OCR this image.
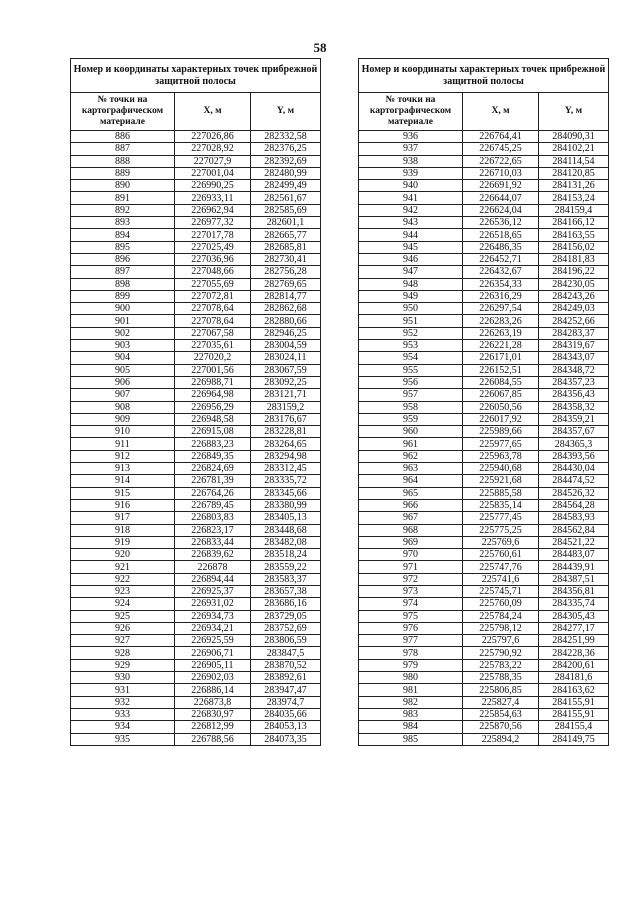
58
Номер и координаты характерных точек прибрежной защитной полосы		
№ точки на картографическом материале	X, м	Y, м
886	227026,86	282332,58
887	227028,92	282376,25
888	227027,9	282392,69
889	227001,04	282480,99
890	226990,25	282499,49
891	226933,11	282561,67
892	226962,94	282585,69
893	226977,32	282601,1
894	227017,78	282665,77
895	227025,49	282685,81
896	227036,96	282730,41
897	227048,66	282756,28
898	227055,69	282769,65
899	227072,81	282814,77
900	227078,64	282862,68
901	227078,64	282880,66
902	227067,58	282946,25
903	227035,61	283004,59
904	227020,2	283024,11
905	227001,56	283067,59
906	226988,71	283092,25
907	226964,98	283121,71
908	226956,29	283159,2
909	226948,58	283176,67
910	226915,08	283228,81
911	226883,23	283264,65
912	226849,35	283294,98
913	226824,69	283312,45
914	226781,39	283335,72
915	226764,26	283345,66
916	226789,45	283380,99
917	226803,83	283405,13
918	226823,17	283448,68
919	226833,44	283482,08
920	226839,62	283518,24
921	226878	283559,22
922	226894,44	283583,37
923	226925,37	283657,38
924	226931,02	283686,16
925	226934,73	283729,05
926	226934,21	283752,69
927	226925,59	283806,59
928	226906,71	283847,5
929	226905,11	283870,52
930	226902,03	283892,61
931	226886,14	283947,47
932	226873,8	283974,7
933	226830,97	284035,66
934	226812,99	284053,13
935	226788,56	284073,35
Номер и координаты характерных точек прибрежной защитной полосы		
№ точки на картографическом материале	X, м	Y, м
936	226764,41	284090,31
937	226745,25	284102,21
938	226722,65	284114,54
939	226710,03	284120,85
940	226691,92	284131,26
941	226644,07	284153,24
942	226624,04	284159,4
943	226536,12	284166,12
944	226518,65	284163,55
945	226486,35	284156,02
946	226452,71	284181,83
947	226432,67	284196,22
948	226354,33	284230,05
949	226316,29	284243,26
950	226297,54	284249,03
951	226283,26	284252,66
952	226263,19	284283,37
953	226221,28	284319,67
954	226171,01	284343,07
955	226152,51	284348,72
956	226084,55	284357,23
957	226067,85	284356,43
958	226050,56	284358,32
959	226017,92	284359,21
960	225989,66	284357,67
961	225977,65	284365,3
962	225963,78	284393,56
963	225940,68	284430,04
964	225921,68	284474,52
965	225885,58	284526,32
966	225835,14	284564,28
967	225777,45	284583,93
968	225775,25	284562,84
969	225769,6	284521,22
970	225760,61	284483,07
971	225747,76	284439,91
972	225741,6	284387,51
973	225745,71	284356,81
974	225760,09	284335,74
975	225784,24	284305,43
976	225798,12	284277,17
977	225797,6	284251,99
978	225790,92	284228,36
979	225783,22	284200,61
980	225788,35	284181,6
981	225806,85	284163,62
982	225827,4	284155,91
983	225854,63	284155,91
984	225870,56	284155,4
985	225894,2	284149,75
